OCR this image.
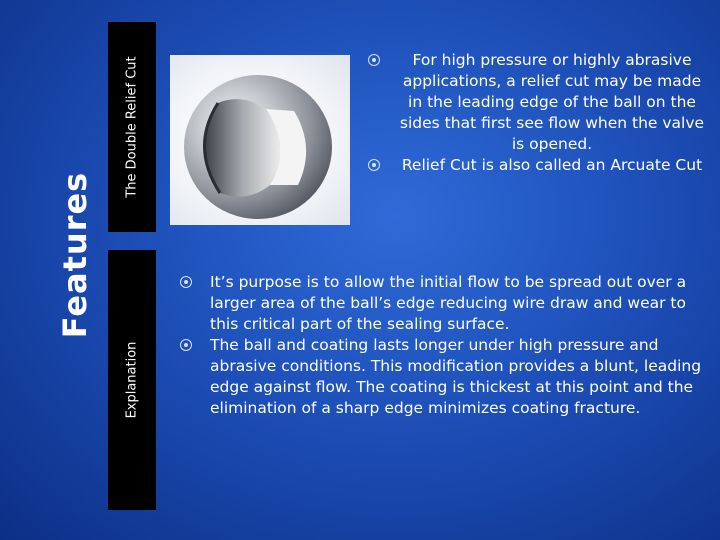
Features
The Double Relief Cut
Explanation
For high pressure or highly abrasive applications, a relief cut may be made in the leading edge of the ball on the sides that first see flow when the valve is opened.
Relief Cut is also called an Arcuate Cut
It’s purpose is to allow the initial flow to be spread out over a larger area of the ball’s edge reducing wire draw and wear to this critical part of the sealing surface.
The ball and coating lasts longer under high pressure and abrasive conditions. This modification provides a blunt, leading edge against flow. The coating is thickest at this point and the elimination of a sharp edge minimizes coating fracture.
